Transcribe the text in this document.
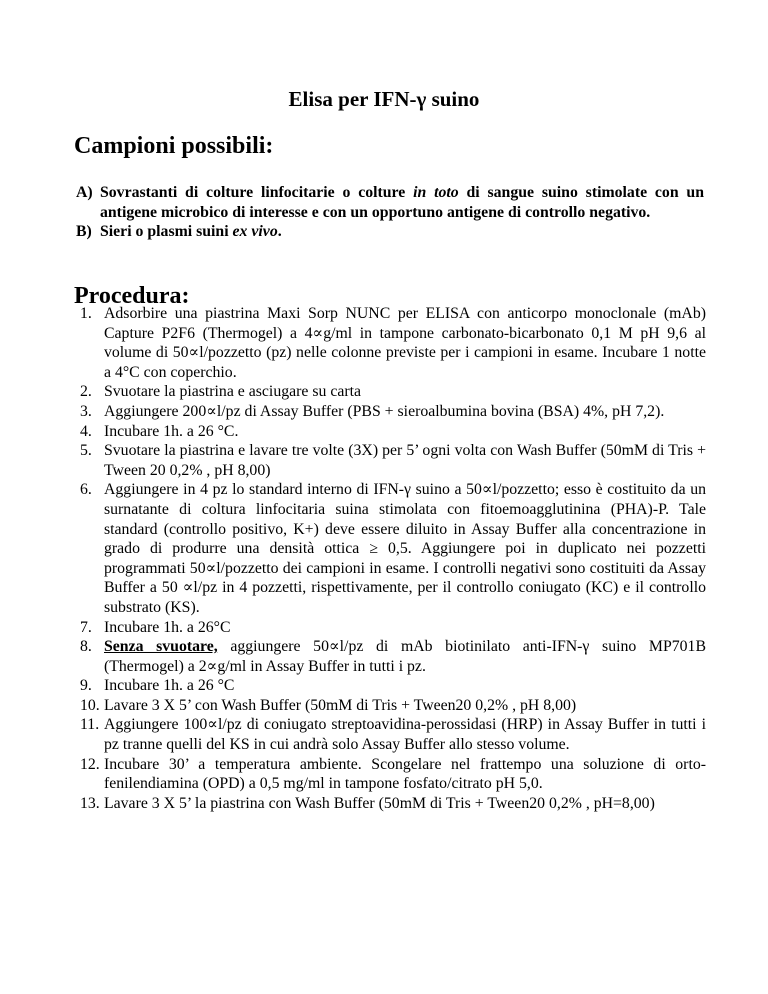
Elisa per IFN-γ suino
Campioni possibili:
A) Sovrastanti di colture linfocitarie o colture in toto di sangue suino stimolate con un antigene microbico di interesse e con un opportuno antigene di controllo negativo.
B) Sieri o plasmi suini ex vivo.
Procedura:
1. Adsorbire una piastrina Maxi Sorp NUNC per ELISA con anticorpo monoclonale (mAb) Capture P2F6 (Thermogel) a 4∝g/ml in tampone carbonato-bicarbonato 0,1 M pH 9,6 al volume di 50∝l/pozzetto (pz) nelle colonne previste per i campioni in esame. Incubare 1 notte a 4°C con coperchio.
2. Svuotare la piastrina e asciugare su carta
3. Aggiungere 200∝l/pz di Assay Buffer (PBS + sieroalbumina bovina (BSA) 4%, pH 7,2).
4. Incubare 1h. a 26 °C.
5. Svuotare la piastrina e lavare tre volte (3X) per 5’ ogni volta con Wash Buffer (50mM di Tris + Tween 20 0,2% , pH 8,00)
6. Aggiungere in 4 pz lo standard interno di IFN-γ suino a 50∝l/pozzetto; esso è costituito da un surnatante di coltura linfocitaria suina stimolata con fitoemoagglutinina (PHA)-P. Tale standard (controllo positivo, K+) deve essere diluito in Assay Buffer alla concentrazione in grado di produrre una densità ottica ≥ 0,5. Aggiungere poi in duplicato nei pozzetti programmati 50∝l/pozzetto dei campioni in esame. I controlli negativi sono costituiti da Assay Buffer a 50 ∝l/pz in 4 pozzetti, rispettivamente, per il controllo coniugato (KC) e il controllo substrato (KS).
7. Incubare 1h. a 26°C
8. Senza svuotare, aggiungere 50∝l/pz di mAb biotinilato anti-IFN-γ suino MP701B (Thermogel) a 2∝g/ml in Assay Buffer in tutti i pz.
9. Incubare 1h. a 26 °C
10. Lavare 3 X 5’ con Wash Buffer (50mM di Tris + Tween20 0,2% , pH 8,00)
11. Aggiungere 100∝l/pz di coniugato streptoavidina-perossidasi (HRP) in Assay Buffer in tutti i pz tranne quelli del KS in cui andrà solo Assay Buffer allo stesso volume.
12. Incubare 30’ a temperatura ambiente. Scongelare nel frattempo una soluzione di orto-fenilendiamina (OPD) a 0,5 mg/ml in tampone fosfato/citrato pH 5,0.
13. Lavare 3 X 5’ la piastrina con Wash Buffer (50mM di Tris + Tween20 0,2% , pH=8,00)
